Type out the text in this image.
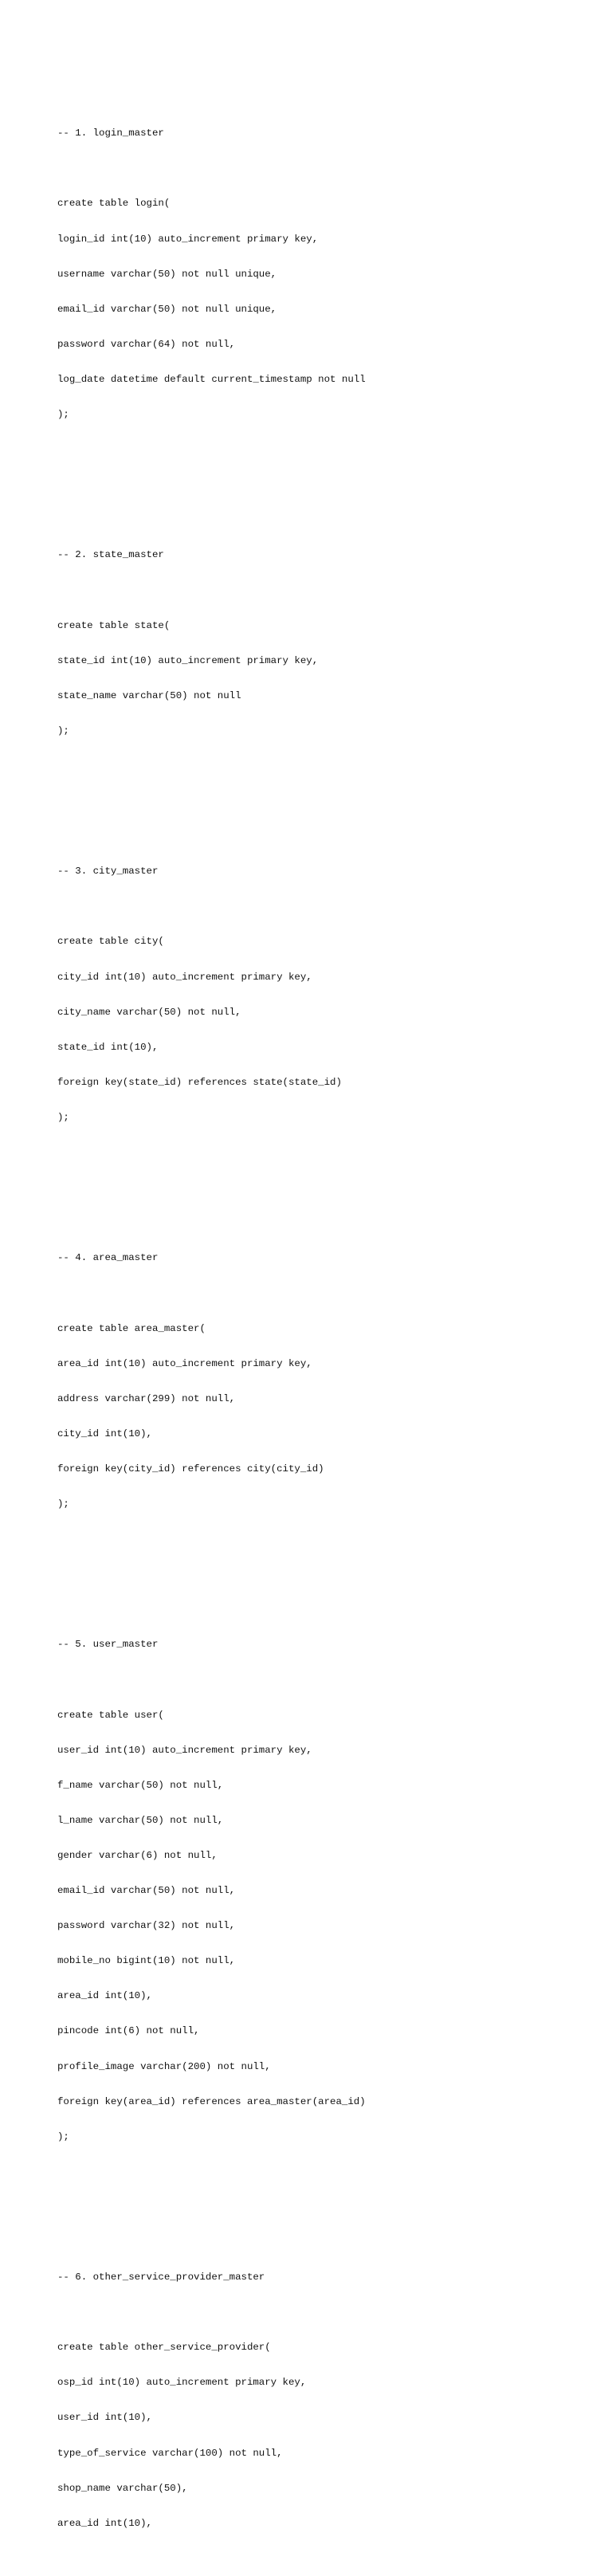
-- 1. login_master

create table login(

login_id int(10) auto_increment primary key,

username varchar(50) not null unique,

email_id varchar(50) not null unique,

password varchar(64) not null,

log_date datetime default current_timestamp not null

);

-- 2. state_master

create table state(

state_id int(10) auto_increment primary key,

state_name varchar(50) not null

);

-- 3. city_master

create table city(

city_id int(10) auto_increment primary key,

city_name varchar(50) not null,

state_id int(10),

foreign key(state_id) references state(state_id)

);

-- 4. area_master

create table area_master(

area_id int(10) auto_increment primary key,

address varchar(299) not null,

city_id int(10),

foreign key(city_id) references city(city_id)

);

-- 5. user_master

create table user(

user_id int(10) auto_increment primary key,

f_name varchar(50) not null,

l_name varchar(50) not null,

gender varchar(6) not null,

email_id varchar(50) not null,

password varchar(32) not null,

mobile_no bigint(10) not null,

area_id int(10),

pincode int(6) not null,

profile_image varchar(200) not null,

foreign key(area_id) references area_master(area_id)

);

-- 6. other_service_provider_master

create table other_service_provider(

osp_id int(10) auto_increment primary key,

user_id int(10),

type_of_service varchar(100) not null,

shop_name varchar(50),

area_id int(10),
